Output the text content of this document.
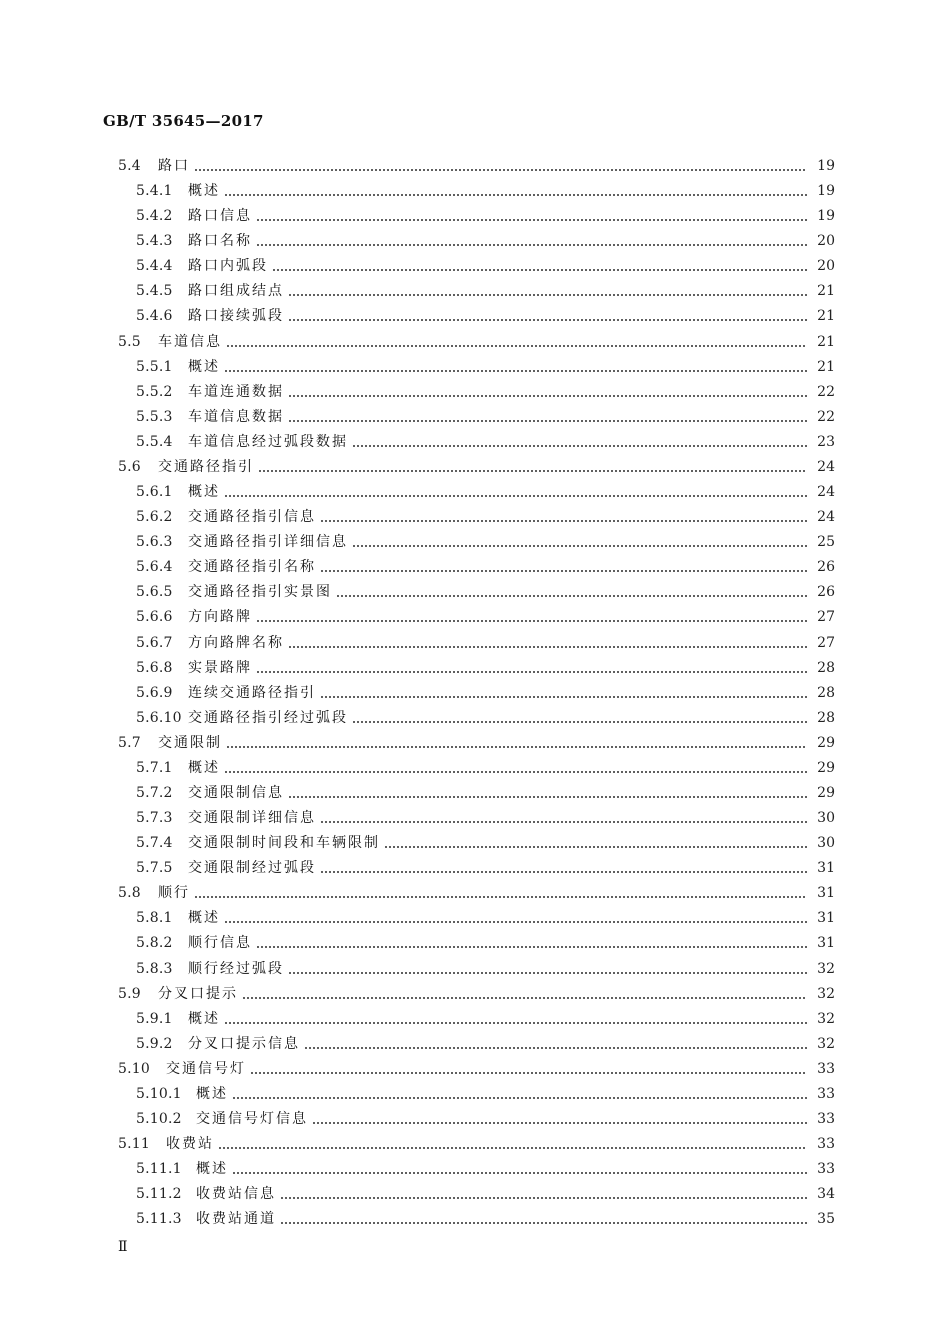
GB/T 35645—2017
5.4	路口	19
5.4.1	概述	19
5.4.2	路口信息	19
5.4.3	路口名称	20
5.4.4	路口内弧段	20
5.4.5	路口组成结点	21
5.4.6	路口接续弧段	21
5.5	车道信息	21
5.5.1	概述	21
5.5.2	车道连通数据	22
5.5.3	车道信息数据	22
5.5.4	车道信息经过弧段数据	23
5.6	交通路径指引	24
5.6.1	概述	24
5.6.2	交通路径指引信息	24
5.6.3	交通路径指引详细信息	25
5.6.4	交通路径指引名称	26
5.6.5	交通路径指引实景图	26
5.6.6	方向路牌	27
5.6.7	方向路牌名称	27
5.6.8	实景路牌	28
5.6.9	连续交通路径指引	28
5.6.10 交通路径指引经过弧段	28
5.7	交通限制	29
5.7.1	概述	29
5.7.2	交通限制信息	29
5.7.3	交通限制详细信息	30
5.7.4	交通限制时间段和车辆限制	30
5.7.5	交通限制经过弧段	31
5.8	顺行	31
5.8.1	概述	31
5.8.2	顺行信息	31
5.8.3	顺行经过弧段	32
5.9	分叉口提示	32
5.9.1	概述	32
5.9.2	分叉口提示信息	32
5.10	交通信号灯	33
5.10.1	概述	33
5.10.2	交通信号灯信息	33
5.11	收费站	33
5.11.1	概述	33
5.11.2	收费站信息	34
5.11.3	收费站通道	35
Ⅱ
